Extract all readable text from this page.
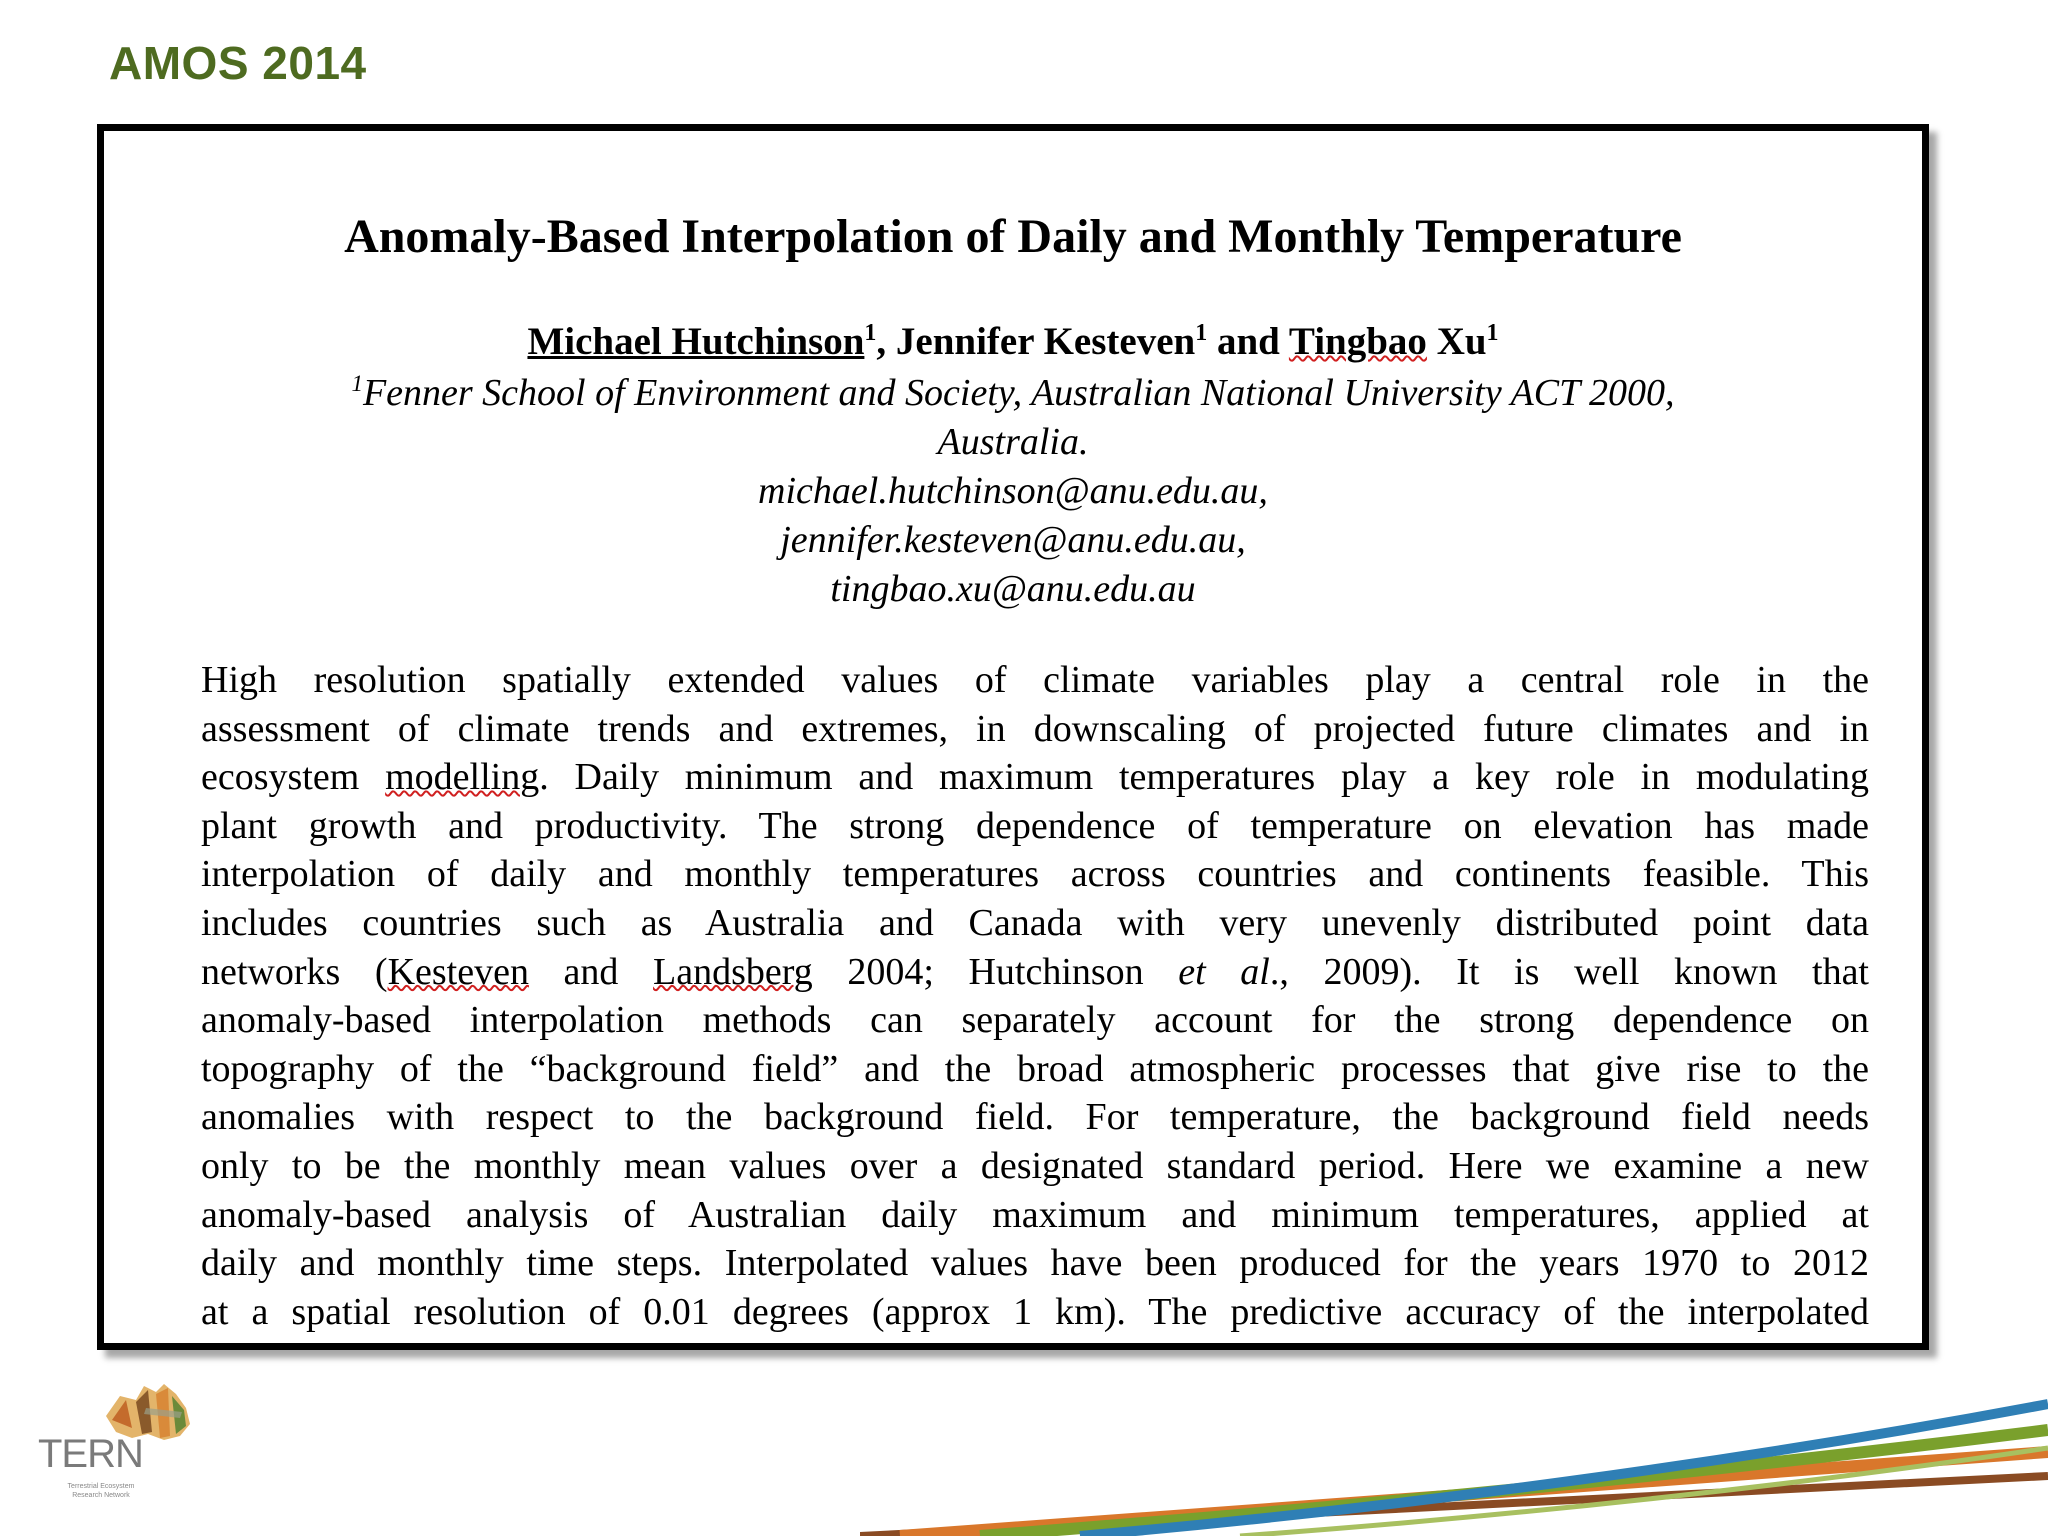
AMOS 2014
Anomaly-Based Interpolation of Daily and Monthly Temperature
Michael Hutchinson$^1$, Jennifer Kesteven$^1$ and Tingbao Xu$^1$
$^1$Fenner School of Environment and Society, Australian National University ACT 2000,
Australia.
michael.hutchinson@anu.edu.au,
jennifer.kesteven@anu.edu.au,
tingbao.xu@anu.edu.au
High resolution spatially extended values of climate variables play a central role in the
assessment of climate trends and extremes, in downscaling of projected future climates and in
ecosystem modelling. Daily minimum and maximum temperatures play a key role in modulating
plant growth and productivity. The strong dependence of temperature on elevation has made
interpolation of daily and monthly temperatures across countries and continents feasible. This
includes countries such as Australia and Canada with very unevenly distributed point data
networks (Kesteven and Landsberg 2004; Hutchinson et al., 2009). It is well known that
anomaly-based interpolation methods can separately account for the strong dependence on
topography of the “background field” and the broad atmospheric processes that give rise to the
anomalies with respect to the background field. For temperature, the background field needs
only to be the monthly mean values over a designated standard period. Here we examine a new
anomaly-based analysis of Australian daily maximum and minimum temperatures, applied at
daily and monthly time steps. Interpolated values have been produced for the years 1970 to 2012
at a spatial resolution of 0.01 degrees (approx 1 km). The predictive accuracy of the interpolated
TERN
Terrestrial Ecosystem
Research Network
